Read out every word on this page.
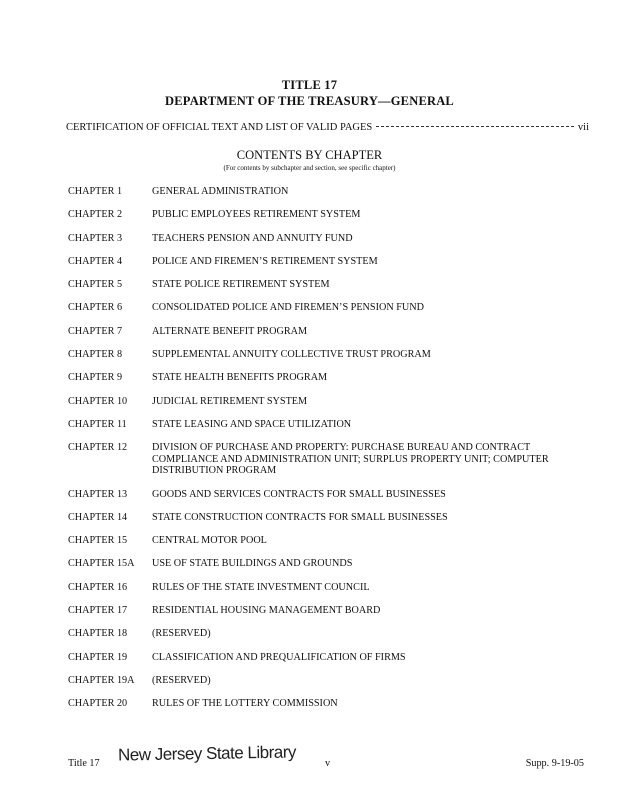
TITLE 17
DEPARTMENT OF THE TREASURY—GENERAL
CERTIFICATION OF OFFICIAL TEXT AND LIST OF VALID PAGES	vii
CONTENTS BY CHAPTER
(For contents by subchapter and section, see specific chapter)
CHAPTER 1	GENERAL ADMINISTRATION
CHAPTER 2	PUBLIC EMPLOYEES RETIREMENT SYSTEM
CHAPTER 3	TEACHERS PENSION AND ANNUITY FUND
CHAPTER 4	POLICE AND FIREMEN’S RETIREMENT SYSTEM
CHAPTER 5	STATE POLICE RETIREMENT SYSTEM
CHAPTER 6	CONSOLIDATED POLICE AND FIREMEN’S PENSION FUND
CHAPTER 7	ALTERNATE BENEFIT PROGRAM
CHAPTER 8	SUPPLEMENTAL ANNUITY COLLECTIVE TRUST PROGRAM
CHAPTER 9	STATE HEALTH BENEFITS PROGRAM
CHAPTER 10	JUDICIAL RETIREMENT SYSTEM
CHAPTER 11	STATE LEASING AND SPACE UTILIZATION
CHAPTER 12	DIVISION OF PURCHASE AND PROPERTY: PURCHASE BUREAU AND CONTRACT COMPLIANCE AND ADMINISTRATION UNIT; SURPLUS PROPERTY UNIT; COMPUTER DISTRIBUTION PROGRAM
CHAPTER 13	GOODS AND SERVICES CONTRACTS FOR SMALL BUSINESSES
CHAPTER 14	STATE CONSTRUCTION CONTRACTS FOR SMALL BUSINESSES
CHAPTER 15	CENTRAL MOTOR POOL
CHAPTER 15A	USE OF STATE BUILDINGS AND GROUNDS
CHAPTER 16	RULES OF THE STATE INVESTMENT COUNCIL
CHAPTER 17	RESIDENTIAL HOUSING MANAGEMENT BOARD
CHAPTER 18	(RESERVED)
CHAPTER 19	CLASSIFICATION AND PREQUALIFICATION OF FIRMS
CHAPTER 19A	(RESERVED)
CHAPTER 20	RULES OF THE LOTTERY COMMISSION
Title 17 New Jersey State Library	v	Supp. 9-19-05
